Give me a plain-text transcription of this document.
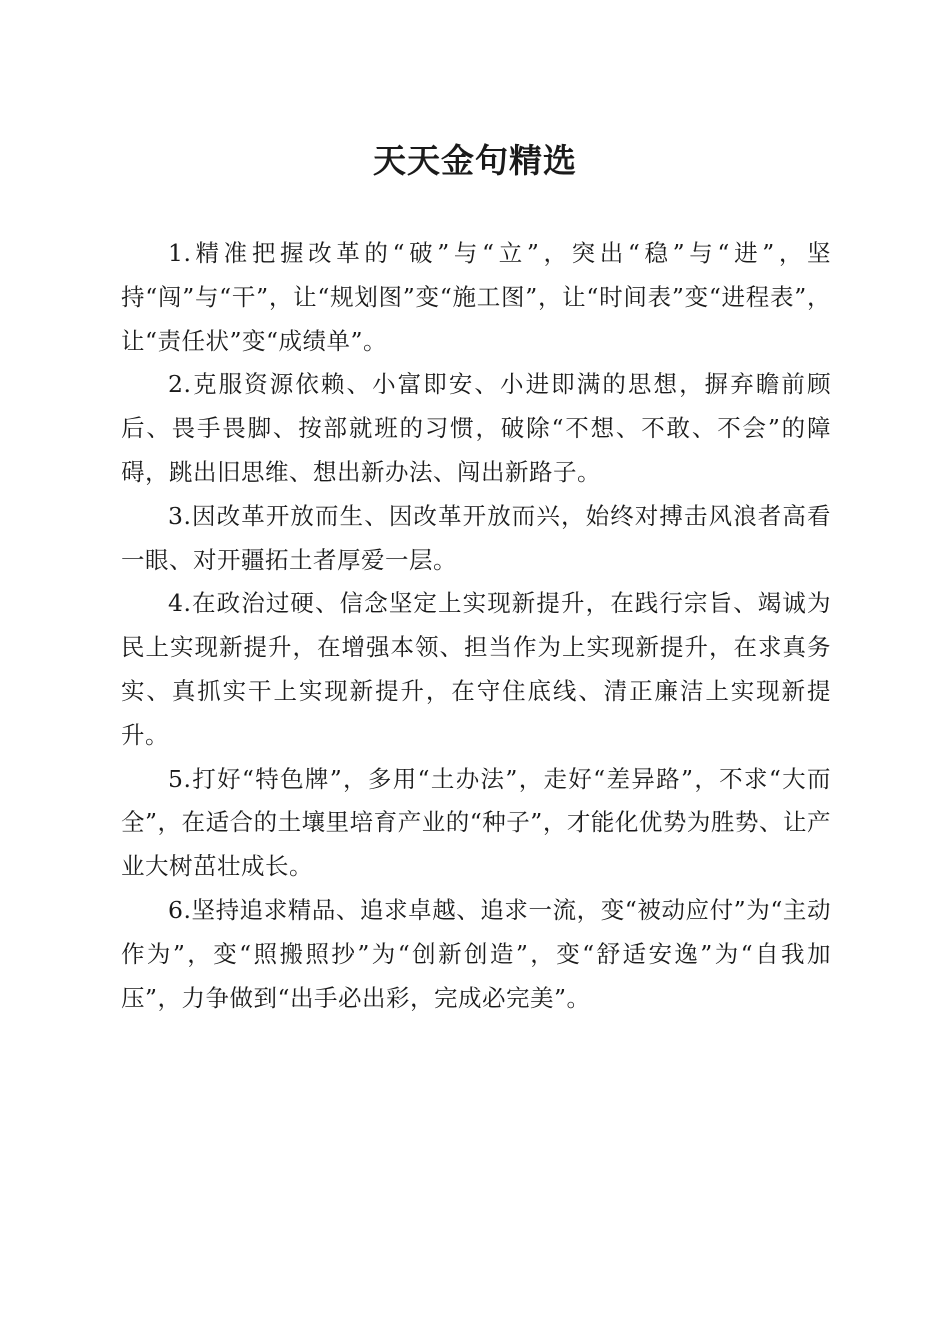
天天金句精选

1.精准把握改革的“破”与“立”，突出“稳”与“进”，坚持“闯”与“干”，让“规划图”变“施工图”，让“时间表”变“进程表”，让“责任状”变“成绩单”。

2.克服资源依赖、小富即安、小进即满的思想，摒弃瞻前顾后、畏手畏脚、按部就班的习惯，破除“不想、不敢、不会”的障碍，跳出旧思维、想出新办法、闯出新路子。

3.因改革开放而生、因改革开放而兴，始终对搏击风浪者高看一眼、对开疆拓土者厚爱一层。

4.在政治过硬、信念坚定上实现新提升，在践行宗旨、竭诚为民上实现新提升，在增强本领、担当作为上实现新提升，在求真务实、真抓实干上实现新提升，在守住底线、清正廉洁上实现新提升。

5.打好“特色牌”，多用“土办法”，走好“差异路”，不求“大而全”，在适合的土壤里培育产业的“种子”，才能化优势为胜势、让产业大树茁壮成长。

6.坚持追求精品、追求卓越、追求一流，变“被动应付”为“主动作为”，变“照搬照抄”为“创新创造”，变“舒适安逸”为“自我加压”，力争做到“出手必出彩，完成必完美”。
